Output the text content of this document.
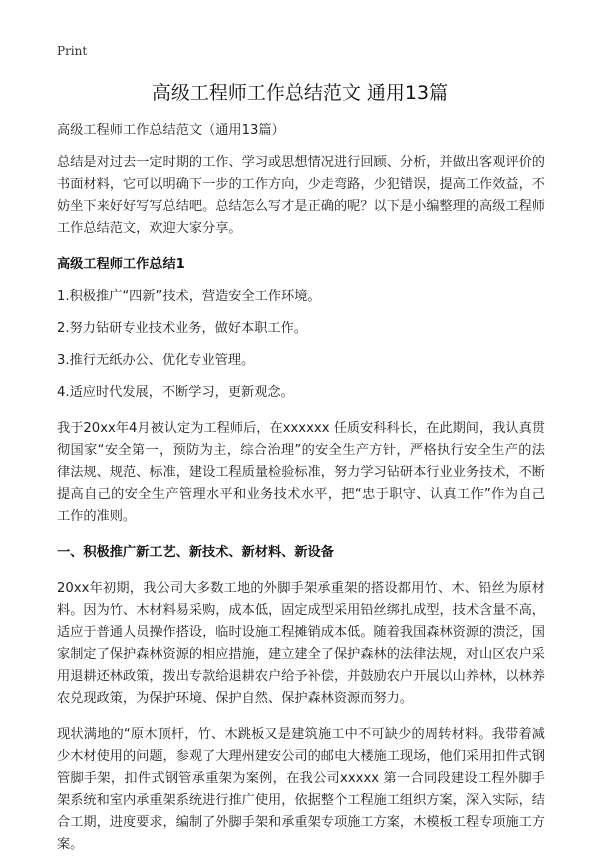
Print
高级工程师工作总结范文 通用13篇

高级工程师工作总结范文（通用13篇）

总结是对过去一定时期的工作、学习或思想情况进行回顾、分析，并做出客观评价的书面材料，它可以明确下一步的工作方向，少走弯路，少犯错误，提高工作效益，不妨坐下来好好写写总结吧。总结怎么写才是正确的呢？以下是小编整理的高级工程师工作总结范文，欢迎大家分享。

高级工程师工作总结1

1.积极推广“四新”技术，营造安全工作环境。

2.努力钻研专业技术业务，做好本职工作。

3.推行无纸办公、优化专业管理。

4.适应时代发展，不断学习，更新观念。

我于20xx年4月被认定为工程师后，在xxxxxx 任质安科科长，在此期间，我认真贯彻国家“安全第一，预防为主，综合治理”的安全生产方针，严格执行安全生产的法律法规、规范、标准，建设工程质量检验标准，努力学习钻研本行业业务技术，不断提高自己的安全生产管理水平和业务技术水平，把“忠于职守、认真工作”作为自己工作的准则。

一、积极推广新工艺、新技术、新材料、新设备

20xx年初期，我公司大多数工地的外脚手架承重架的搭设都用竹、木、铅丝为原材料。因为竹、木材料易采购，成本低，固定成型采用铅丝绑扎成型，技术含量不高，适应于普通人员操作搭设，临时设施工程摊销成本低。随着我国森林资源的溃泛，国家制定了保护森林资源的相应措施，建立建全了保护森林的法律法规，对山区农户采用退耕还林政策，拨出专款给退耕农户给予补偿，并鼓励农户开展以山养林，以林养农兑现政策，为保护环境、保护自然、保护森林资源而努力。

现状满地的“原木顶杆，竹、木跳板又是建筑施工中不可缺少的周转材料。我带着减少木材使用的问题，参观了大理州建安公司的邮电大楼施工现场，他们采用扣件式钢管脚手架，扣件式钢管承重架为案例，在我公司xxxxx 第一合同段建设工程外脚手架系统和室内承重架系统进行推广使用，依据整个工程施工组织方案，深入实际，结合工期，进度要求，编制了外脚手架和承重架专项施工方案，木模板工程专项施工方案。
